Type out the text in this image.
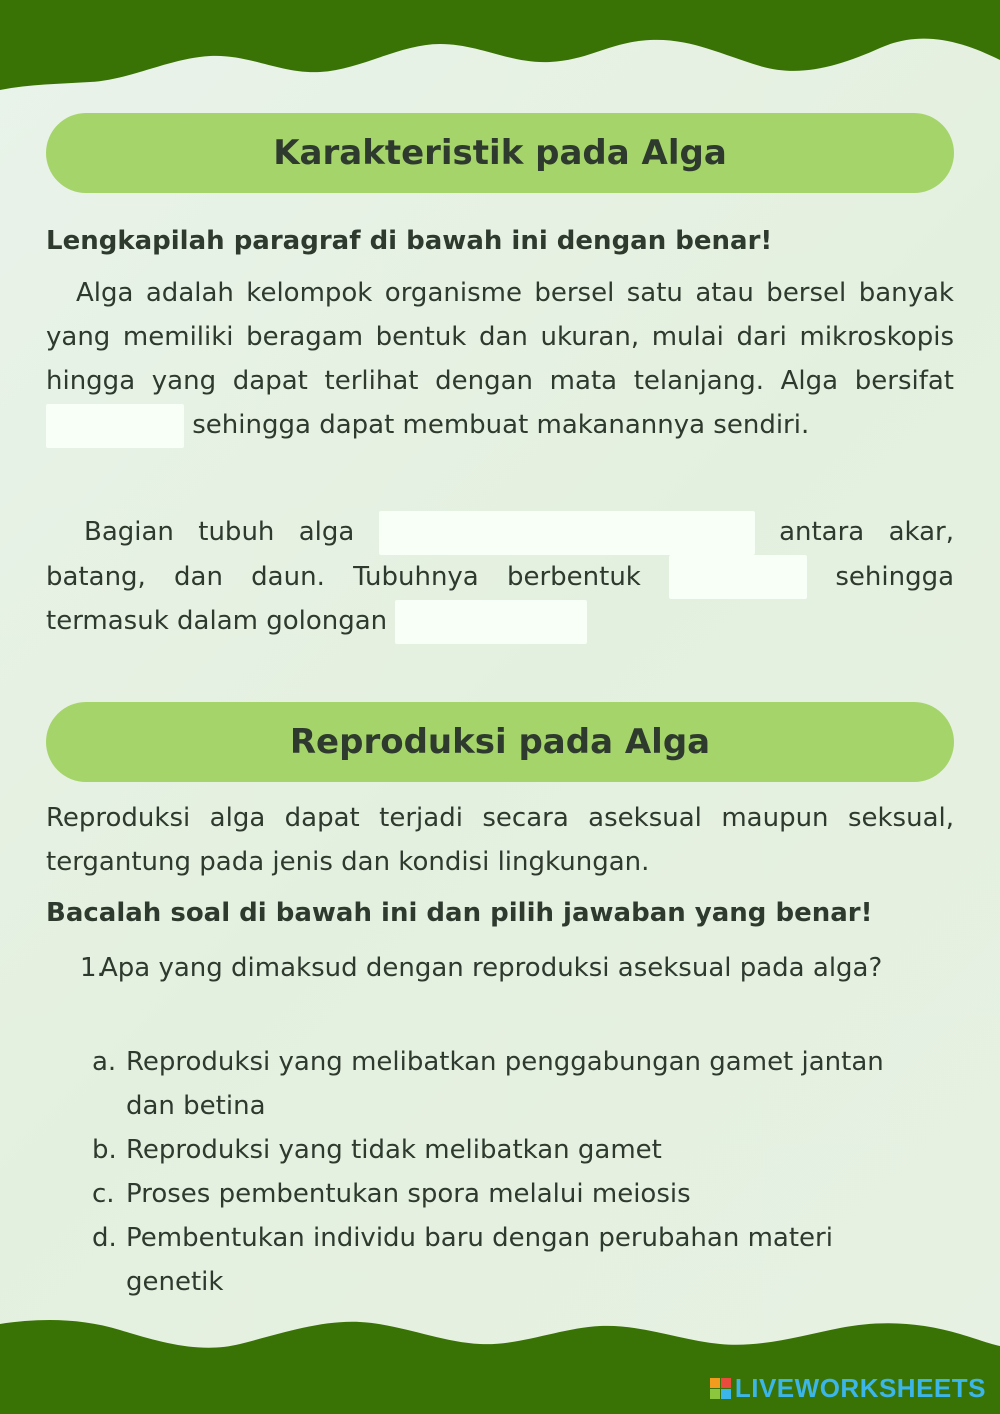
Karakteristik pada Alga
Lengkapilah paragraf di bawah ini dengan benar!
Alga adalah kelompok organisme bersel satu atau bersel banyak yang memiliki beragam bentuk dan ukuran, mulai dari mikroskopis hingga yang dapat terlihat dengan mata telanjang. Alga bersifat  sehingga dapat membuat makanannya sendiri.
Bagian tubuh alga	antara akar, batang, dan daun. Tubuhnya berbentuk	sehingga termasuk dalam golongan
Reproduksi pada Alga
Reproduksi alga dapat terjadi secara aseksual maupun seksual, tergantung pada jenis dan kondisi lingkungan.
Bacalah soal di bawah ini dan pilih jawaban yang benar!
1.
Apa yang dimaksud dengan reproduksi aseksual pada alga?
a. Reproduksi yang melibatkan penggabungan gamet jantan dan betina
b. Reproduksi yang tidak melibatkan gamet
c. Proses pembentukan spora melalui meiosis
d. Pembentukan individu baru dengan perubahan materi genetik
LIVEWORKSHEETS
